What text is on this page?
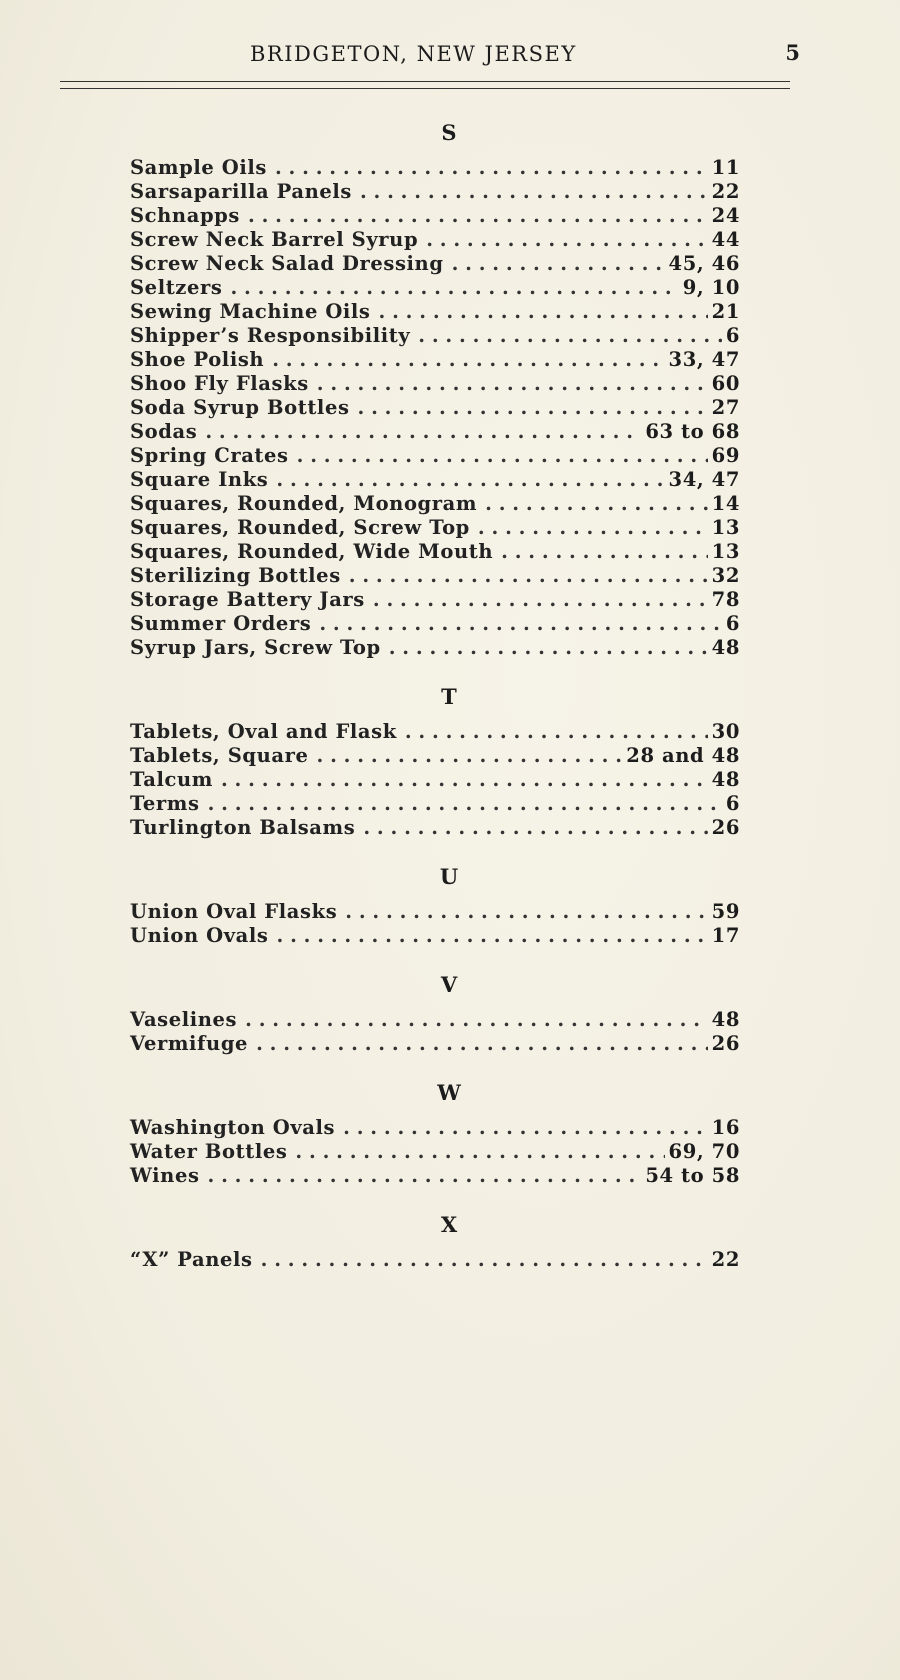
BRIDGETON, NEW JERSEY	5
S
Sample Oils . . .	11
Sarsaparilla Panels . . .	22
Schnapps . . .	24
Screw Neck Barrel Syrup . . .	44
Screw Neck Salad Dressing . . .	45, 46
Seltzers . . .	9, 10
Sewing Machine Oils . . .	21
Shipper’s Responsibility . . .	6
Shoe Polish . . .	33, 47
Shoo Fly Flasks . . .	60
Soda Syrup Bottles . . .	27
Sodas . . .	63 to 68
Spring Crates . . .	69
Square Inks . . .	34, 47
Squares, Rounded, Monogram . . .	14
Squares, Rounded, Screw Top . . .	13
Squares, Rounded, Wide Mouth . . .	13
Sterilizing Bottles . . .	32
Storage Battery Jars . . .	78
Summer Orders . . .	6
Syrup Jars, Screw Top . . .	48
T
Tablets, Oval and Flask . . .	30
Tablets, Square . . .	28 and 48
Talcum . . .	48
Terms . . .	6
Turlington Balsams . . .	26
U
Union Oval Flasks . . .	59
Union Ovals . . .	17
V
Vaselines . . .	48
Vermifuge . . .	26
W
Washington Ovals . . .	16
Water Bottles . . .	69, 70
Wines . . .	54 to 58
X
“X” Panels . . .	22
